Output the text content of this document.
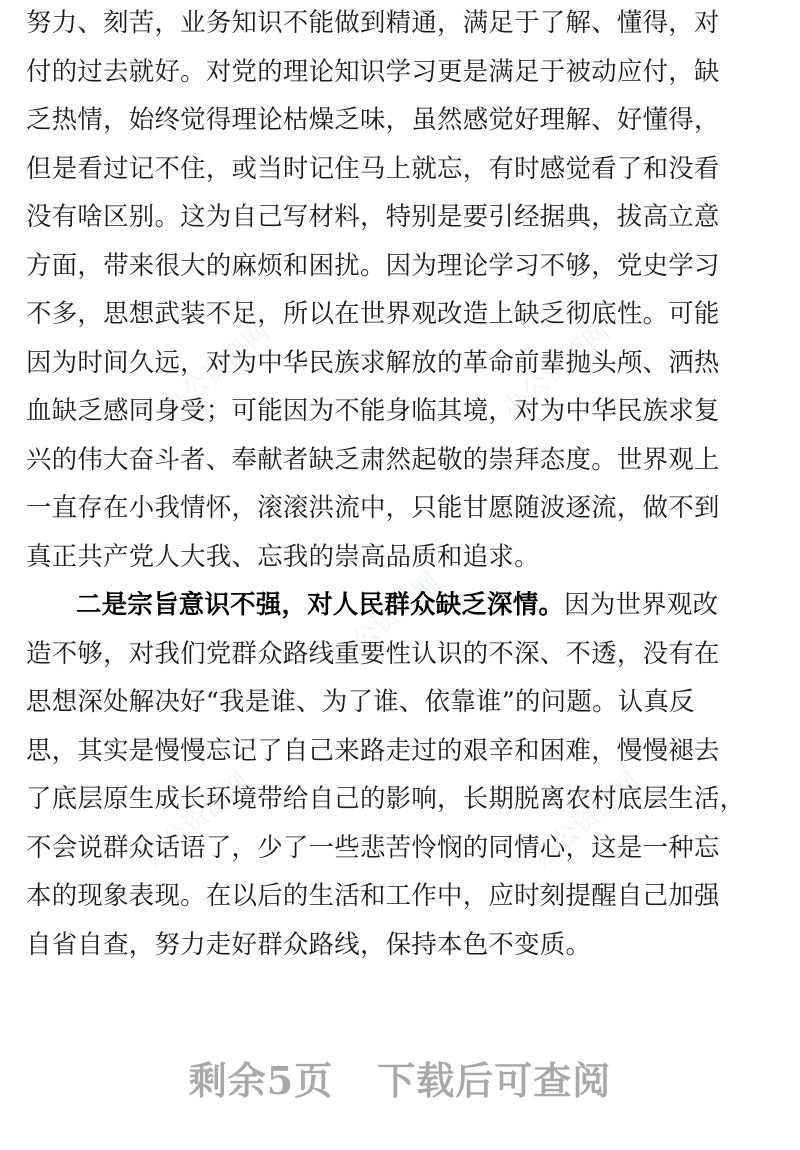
办公资源网	办公资源网
办公资源网
办公资源网	办公资源网
努力、刻苦，业务知识不能做到精通，满足于了解、懂得，对
付的过去就好。对党的理论知识学习更是满足于被动应付，缺
乏热情，始终觉得理论枯燥乏味，虽然感觉好理解、好懂得，
但是看过记不住，或当时记住马上就忘，有时感觉看了和没看
没有啥区别。这为自己写材料，特别是要引经据典，拔高立意
方面，带来很大的麻烦和困扰。因为理论学习不够，党史学习
不多，思想武装不足，所以在世界观改造上缺乏彻底性。可能
因为时间久远，对为中华民族求解放的革命前辈抛头颅、洒热
血缺乏感同身受；可能因为不能身临其境，对为中华民族求复
兴的伟大奋斗者、奉献者缺乏肃然起敬的崇拜态度。世界观上
一直存在小我情怀，滚滚洪流中，只能甘愿随波逐流，做不到
真正共产党人大我、忘我的崇高品质和追求。
二是宗旨意识不强，对人民群众缺乏深情。因为世界观改
造不够，对我们党群众路线重要性认识的不深、不透，没有在
思想深处解决好“我是谁、为了谁、依靠谁”的问题。认真反
思，其实是慢慢忘记了自己来路走过的艰辛和困难，慢慢褪去
了底层原生成长环境带给自己的影响，长期脱离农村底层生活，
不会说群众话语了，少了一些悲苦怜悯的同情心，这是一种忘
本的现象表现。在以后的生活和工作中，应时刻提醒自己加强
自省自查，努力走好群众路线，保持本色不变质。
剩余5页 下载后可查阅
